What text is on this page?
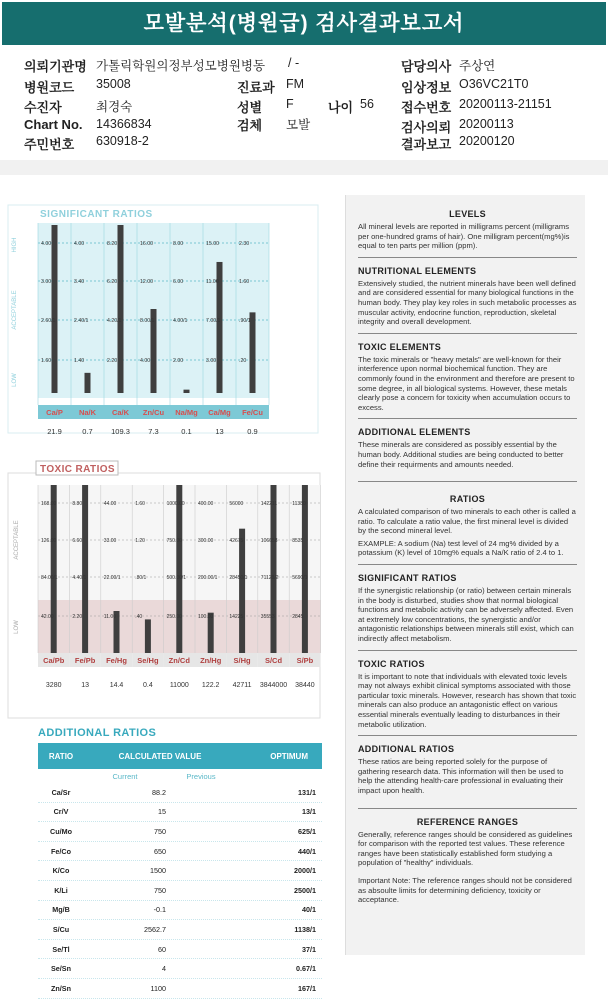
모발분석(병원급) 검사결과보고서
의뢰기관명 가톨릭학원의정부성모병원병동 / -	담당의사 주상연
병원코드 35008	진료과 FM	임상정보 O36VC21T0
수진자	최경숙	성별 F	나이 56 접수번호 20200113-21151
Chart No. 14366834	검체 모발	검사의뢰 20200113
주민번호 630918-2	결과보고 20200120
SIGNIFICANT RATIOS
HIGH
ACCEPTABLE
LOW
4.00
3.00
2.60/1
1.60
Ca/P
21.9
4.00
3.40
2.40/1
1.40
Na/K
0.7
8.20
6.20
4.20/1
2.20
Ca/K
109.3
16.00
12.00
8.00/1
4.00
Zn/Cu
7.3
8.00
6.00
4.00/1
2.00
Na/Mg
0.1
15.00
11.00
7.00/1
3.00
Ca/Mg
13
2.30
1.60
.90/1
.20
Fe/Cu
0.9
TOXIC RATIOS
ACCEPTABLE
LOW
168.00
126.00
84.00/1
42.00
Ca/Pb
3280
8.80
6.60
4.40/1
2.20
Fe/Pb
13
44.00
33.00
22.00/1
11.00
Fe/Hg
14.4
1.60
1.20
.80/1
.40
Se/Hg
0.4
1000.00
750.00
500.00/1
250.00
Zn/Cd
11000
400.00
300.00
200.00/1
100.00
Zn/Hg
122.2
56000
42675
28450/1
14225
S/Hg
42711
142211
106658
71128/2
35553
S/Cd
3844000
11380
8535
5690/1
2845
S/Pb
38440
ADDITIONAL RATIOS
RATIO	CALCULATED VALUE	OPTIMUM
Current	Previous
Ca/Sr	88.2	131/1
Cr/V	15	13/1
Cu/Mo	750	625/1
Fe/Co	650	440/1
K/Co	1500	2000/1
K/Li	750	2500/1
Mg/B	-0.1	40/1
S/Cu	2562.7	1138/1
Se/Tl	60	37/1
Se/Sn	4	0.67/1
Zn/Sn	1100	167/1
LEVELS
All mineral levels are reported in milligrams percent (milligrams per one-hundred grams of hair). One milligram percent(mg%)is equal to ten parts per million (ppm).
NUTRITIONAL ELEMENTS
Extensively studied, the nutrient minerals have been well defined and are considered essential for many biological functions in the human body. They play key roles in such metabolic processes as muscular activity, endocrine function, reproduction, skeletal integrity and overall development.
TOXIC ELEMENTS
The toxic minerals or "heavy metals" are well-known for their interference upon normal biochemical function. They are commonly found in the environment and therefore are present to some degree, in all biological systems. However, these metals clearly pose a concern for toxicity when accumulation occurs to excess.
ADDITIONAL ELEMENTS
These minerals are considered as possibly essential by the human body. Additional studies are being conducted to better define their requirments and amounts needed.
RATIOS
A calculated comparison of two minerals to each other is called a ratio. To calculate a ratio value, the first mineral level is divided by the second mineral level.
EXAMPLE: A sodium (Na) test level of 24 mg% divided by a potassium (K) level of 10mg% equals a Na/K ratio of 2.4 to 1.
SIGNIFICANT RATIOS
If the synergistic relationship (or ratio) between certain minerals in the body is disturbed, studies show that normal biological functions and metabolic activity can be adversely affected. Even at extremely low concentrations, the synergistic and/or antagonistic relationships between minerals still exist, which can indirectly affect metabolism.
TOXIC RATIOS
It is important to note that individuals with elevated toxic levels may not always exhibit clinical symptoms associated with those particular toxic minerals. However, research has shown that toxic minerals can also produce an antagonistic effect on various essential minerals eventually leading to disturbances in their metabolic utilization.
ADDITIONAL RATIOS
These ratios are being reported solely for the purpose of gathering research data. This information will then be used to help the attending health-care professional in evaluating their impact upon health.
REFERENCE RANGES
Generally, reference ranges should be considered as guidelines for comparison with the reported test values. These reference ranges have been statistically established form studying a population of "healthy" individuals.
Important Note: The reference ranges should not be considered as absoulte limits for determining deficiency, toxicity or acceptance.
